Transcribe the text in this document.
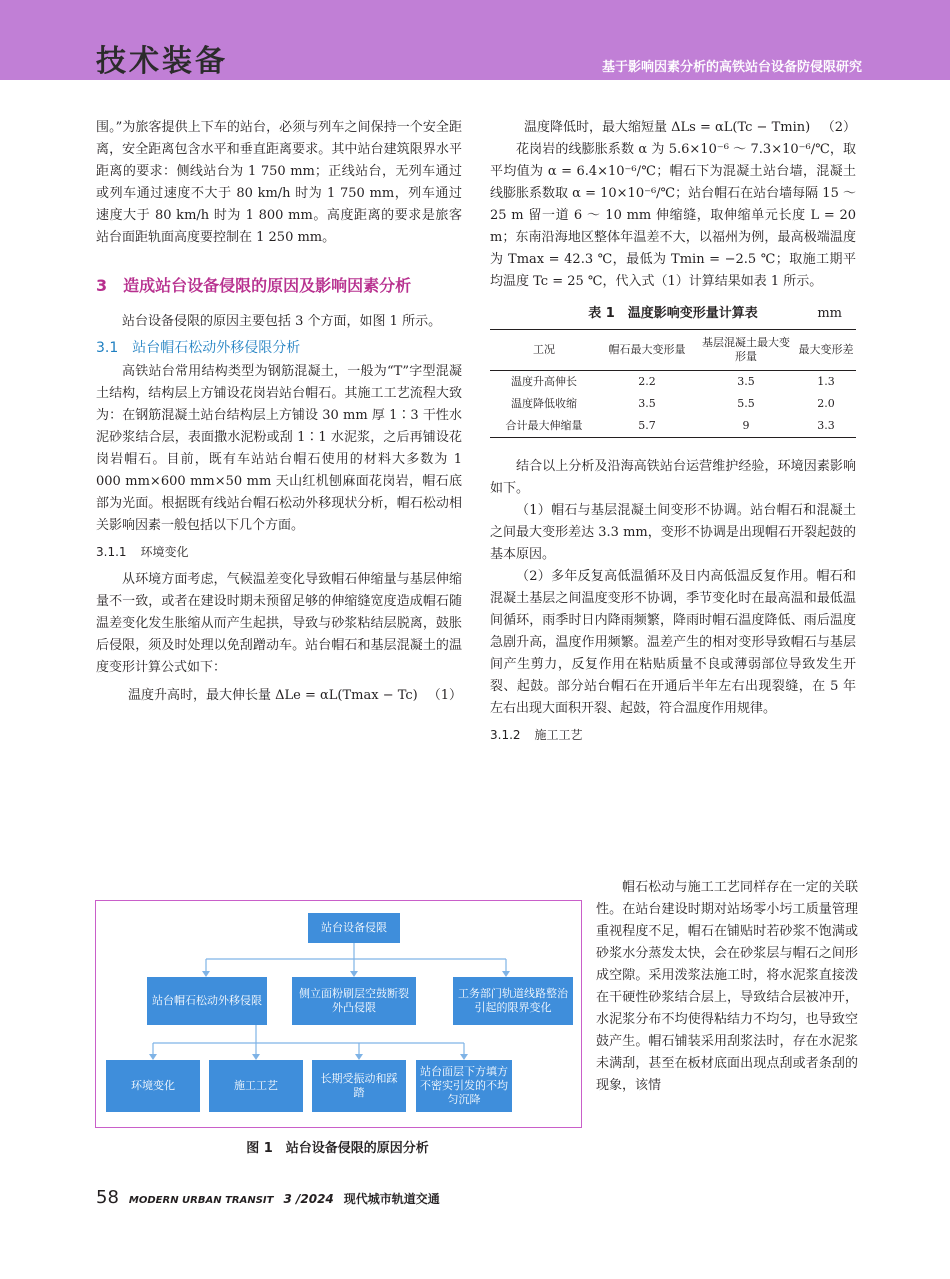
技术装备	基于影响因素分析的高铁站台设备防侵限研究

围。”为旅客提供上下车的站台，必须与列车之间保持一个安全距离，安全距离包含水平和垂直距离要求。其中站台建筑限界水平距离的要求：侧线站台为 1 750 mm；正线站台，无列车通过或列车通过速度不大于 80 km/h 时为 1 750 mm，列车通过速度大于 80 km/h 时为 1 800 mm。高度距离的要求是旅客站台面距轨面高度要控制在 1 250 mm。

3　造成站台设备侵限的原因及影响因素分析

站台设备侵限的原因主要包括 3 个方面，如图 1 所示。

3.1　站台帽石松动外移侵限分析

高铁站台常用结构类型为钢筋混凝土，一般为“T”字型混凝土结构，结构层上方铺设花岗岩站台帽石。其施工工艺流程大致为：在钢筋混凝土站台结构层上方铺设 30 mm 厚 1∶3 干性水泥砂浆结合层，表面撒水泥粉或刮 1∶1 水泥浆，之后再铺设花岗岩帽石。目前，既有车站站台帽石使用的材料大多数为 1 000 mm×600 mm×50 mm 天山红机刨麻面花岗岩，帽石底部为光面。根据既有线站台帽石松动外移现状分析，帽石松动相关影响因素一般包括以下几个方面。

3.1.1 环境变化

从环境方面考虑，气候温差变化导致帽石伸缩量与基层伸缩量不一致，或者在建设时期未预留足够的伸缩缝宽度造成帽石随温差变化发生胀缩从而产生起拱，导致与砂浆粘结层脱离，鼓胀后侵限，须及时处理以免刮蹭动车。站台帽石和基层混凝土的温度变形计算公式如下：

温度升高时，最大伸长量 ΔLe = αL(Tmax − Tc) （1）
温度降低时，最大缩短量 ΔLs = αL(Tc − Tmin) （2）

花岗岩的线膨胀系数 α 为 5.6×10⁻⁶ ～ 7.3×10⁻⁶/℃，取平均值为 α = 6.4×10⁻⁶/℃；帽石下为混凝土站台墙，混凝土线膨胀系数取 α = 10×10⁻⁶/℃；站台帽石在站台墙每隔 15 ～ 25 m 留一道 6 ～ 10 mm 伸缩缝，取伸缩单元长度 L = 20 m；东南沿海地区整体年温差不大，以福州为例，最高极端温度为 Tmax = 42.3 ℃，最低为 Tmin = −2.5 ℃；取施工期平均温度 Tc = 25 ℃，代入式（1）计算结果如表 1 所示。

表 1　温度影响变形量计算表	mm
工况	帽石最大变形量	基层混凝土最大变形量	最大变形差
温度升高伸长	2.2	3.5	1.3
温度降低收缩	3.5	5.5	2.0
合计最大伸缩量	5.7	9	3.3

结合以上分析及沿海高铁站台运营维护经验，环境因素影响如下。

（1）帽石与基层混凝土间变形不协调。站台帽石和混凝土之间最大变形差达 3.3 mm，变形不协调是出现帽石开裂起鼓的基本原因。

（2）多年反复高低温循环及日内高低温反复作用。帽石和混凝土基层之间温度变形不协调，季节变化时在最高温和最低温间循环，雨季时日内降雨频繁，降雨时帽石温度降低、雨后温度急剧升高，温度作用频繁。温差产生的相对变形导致帽石与基层间产生剪力，反复作用在粘贴质量不良或薄弱部位导致发生开裂、起鼓。部分站台帽石在开通后半年左右出现裂缝，在 5 年左右出现大面积开裂、起鼓，符合温度作用规律。

3.1.2 施工工艺

帽石松动与施工工艺同样存在一定的关联性。在站台建设时期对站场零小圬工质量管理重视程度不足，帽石在铺贴时若砂浆不饱满或砂浆水分蒸发太快，会在砂浆层与帽石之间形成空隙。采用泼浆法施工时，将水泥浆直接泼在干硬性砂浆结合层上，导致结合层被冲开，水泥浆分布不均使得粘结力不均匀，也导致空鼓产生。帽石铺装采用刮浆法时，存在水泥浆未满刮，甚至在板材底面出现点刮或者条刮的现象，该情

站台设备侵限
站台帽石松动外移侵限
侧立面粉刷层空鼓断裂外凸侵限
工务部门轨道线路整治引起的限界变化
环境变化	施工工艺
长期受振动和踩踏
站台面层下方填方不密实引发的不均匀沉降
图 1　站台设备侵限的原因分析
58 MODERN URBAN TRANSIT 3 /2024 现代城市轨道交通
